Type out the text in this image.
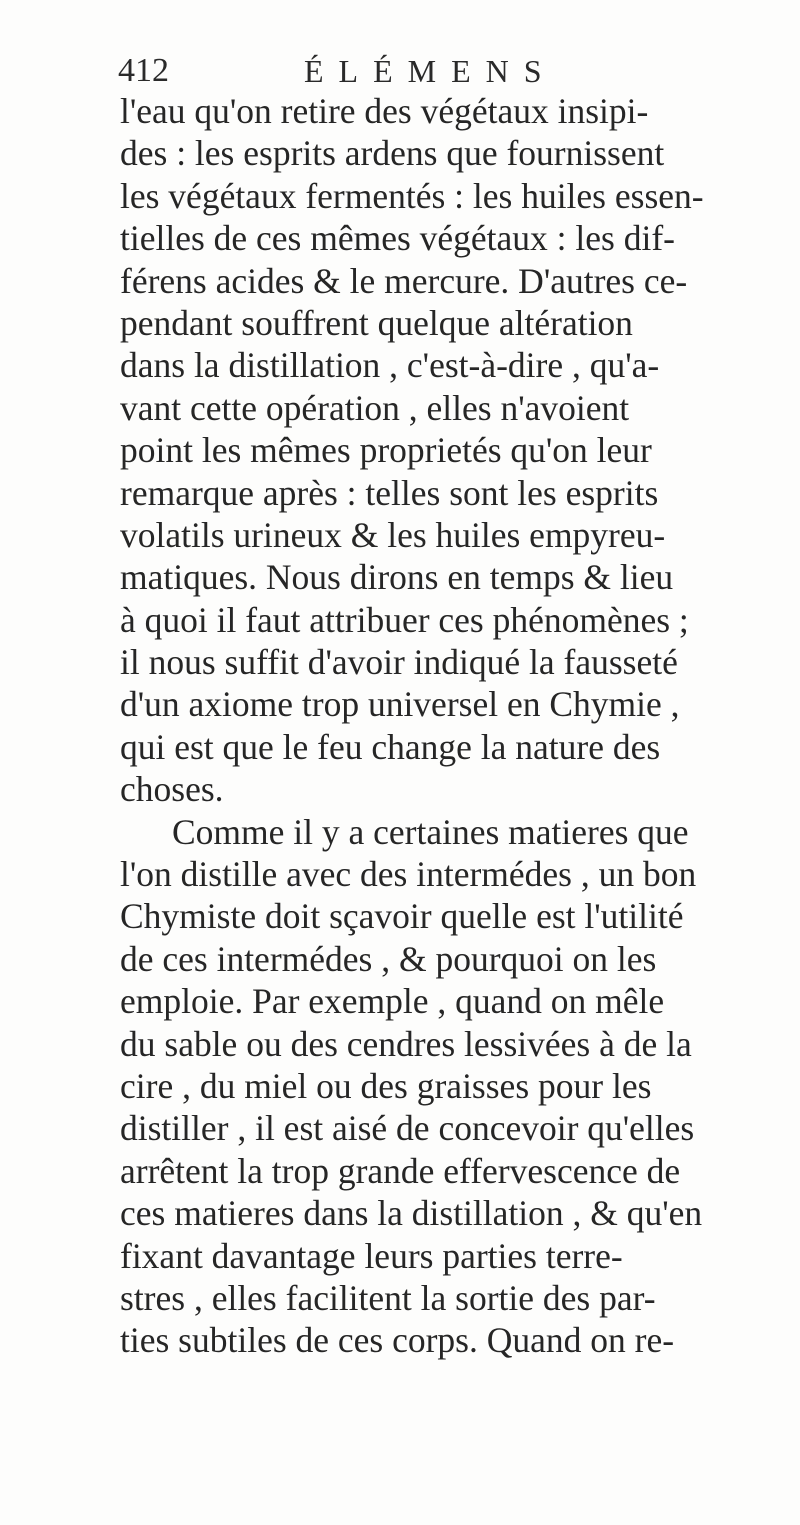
412	ÉLÉMENS
l'eau qu'on retire des végétaux insipi-
des : les esprits ardens que fournissent
les végétaux fermentés : les huiles essen-
tielles de ces mêmes végétaux : les dif-
férens acides & le mercure. D'autres ce-
pendant souffrent quelque altération
dans la distillation , c'est-à-dire , qu'a-
vant cette opération , elles n'avoient
point les mêmes proprietés qu'on leur
remarque après : telles sont les esprits
volatils urineux & les huiles empyreu-
matiques. Nous dirons en temps & lieu
à quoi il faut attribuer ces phénomènes ;
il nous suffit d'avoir indiqué la fausseté
d'un axiome trop universel en Chymie ,
qui est que le feu change la nature des
choses.
Comme il y a certaines matieres que
l'on distille avec des intermédes , un bon
Chymiste doit sçavoir quelle est l'utilité
de ces intermédes , & pourquoi on les
emploie. Par exemple , quand on mêle
du sable ou des cendres lessivées à de la
cire , du miel ou des graisses pour les
distiller , il est aisé de concevoir qu'elles
arrêtent la trop grande effervescence de
ces matieres dans la distillation , & qu'en
fixant davantage leurs parties terre-
stres , elles facilitent la sortie des par-
ties subtiles de ces corps. Quand on re-
